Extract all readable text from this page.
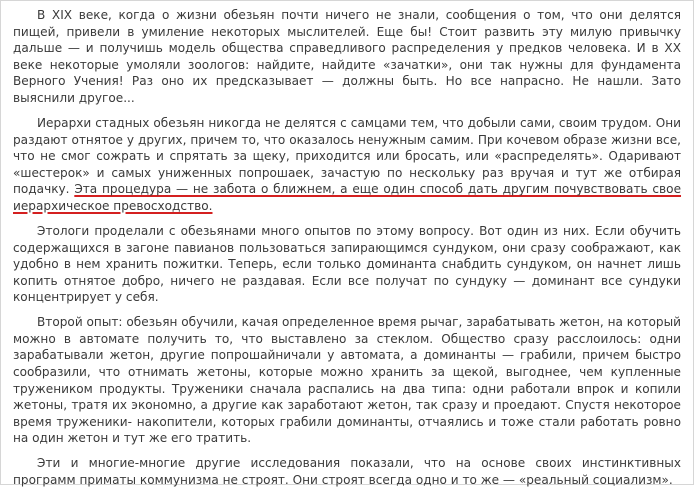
В XIX веке, когда о жизни обезьян почти ничего не знали, сообщения о том, что они делятся пищей, привели в умиление некоторых мыслителей. Еще бы! Стоит развить эту милую привычку дальше — и получишь модель общества справедливого распределения у предков человека. И в XX веке некоторые умоляли зоологов: найдите, найдите «зачатки», они так нужны для фундамента Верного Учения! Раз оно их предсказывает — должны быть. Но все напрасно. Не нашли. Зато выяснили другое...

Иерархи стадных обезьян никогда не делятся с самцами тем, что добыли сами, своим трудом. Они раздают отнятое у других, причем то, что оказалось ненужным самим. При кочевом образе жизни все, что не смог сожрать и спрятать за щеку, приходится или бросать, или «распределять». Одаривают «шестерок» и самых униженных попрошаек, зачастую по нескольку раз вручая и тут же отбирая подачку. Эта процедура — не забота о ближнем, а еще один способ дать другим почувствовать свое иерархическое превосходство.

Этологи проделали с обезьянами много опытов по этому вопросу. Вот один из них. Если обучить содержащихся в загоне павианов пользоваться запирающимся сундуком, они сразу соображают, как удобно в нем хранить пожитки. Теперь, если только доминанта снабдить сундуком, он начнет лишь копить отнятое добро, ничего не раздавая. Если все получат по сундуку — доминант все сундуки концентрирует у себя.

Второй опыт: обезьян обучили, качая определенное время рычаг, зарабатывать жетон, на который можно в автомате получить то, что выставлено за стеклом. Общество сразу расслоилось: одни зарабатывали жетон, другие попрошайничали у автомата, а доминанты — грабили, причем быстро сообразили, что отнимать жетоны, которые можно хранить за щекой, выгоднее, чем купленные тружеником продукты. Труженики сначала распались на два типа: одни работали впрок и копили жетоны, тратя их экономно, а другие как заработают жетон, так сразу и проедают. Спустя некоторое время труженики- накопители, которых грабили доминанты, отчаялись и тоже стали работать ровно на один жетон и тут же его тратить.

Эти и многие-многие другие исследования показали, что на основе своих инстинктивных программ приматы коммунизма не строят. Они строят всегда одно и то же — «реальный социализм».
